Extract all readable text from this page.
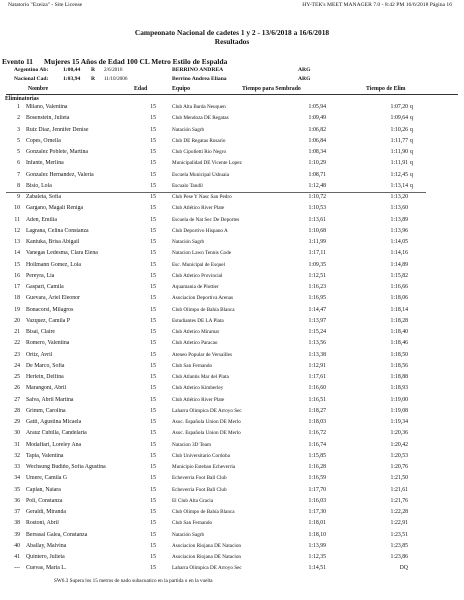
Natatorio "Ezeiza" - Site License	HY-TEK's MEET MANAGER 7.0 - 8:42 PM 16/6/2018 Página 16
Campeonato Nacional de cadetes 1 y 2 - 13/6/2018 a 16/6/2018
Resultados
Evento 11 Mujeres 15 Años de Edad 100 CL Metro Estilo de Espalda
Argentino Ab:	1:00,44 R 2/6/2016	BERRINO ANDREA	ARG
Nacional Cad:	1:03,94 R 11/10/2006	Berrino Andrea Eliana	ARG
Nombre	Edad	Equipo	Tiempo para Sembrado	Tiempo de Elim
Eliminatorias
1 Milano, Valentina	15	Club Alta Barda Neuquen	1:05,94	1:07,20 q
2 Bosenstein, Julieta	15	Club Mendoza DE Regatas	1:09,49	1:09,64 q
3 Ruiz Diaz, Jennifer Denise	15	Natación Sagrb	1:06,82	1:10,26 q
5 Copes, Ornella	15	Club DE Regatas Rosario	1:06,84	1:11,77 q
5 Gonzalez Poblete, Martina	15	Club Cipolletti Rio Negro	1:08,34	1:11,90 q
6 Infante, Merlina	15	Municipalidad DE Vicente Lopez	1:10,29	1:11,91 q
7 Gonzalez Hernandez, Valeria	15	Escuela Municipal Ushuaia	1:08,71	1:12,45 q
8 Bisio, Lola	15	Escualo Tandil	1:12,48	1:13,14 q
9 Zabaleta, Sofia	15	Club Pese Y Nasc San Pedro	1:10,72	1:13,20
10 Gargano, Magali Reniga	15	Club Atlético River Plate	1:10,53	1:13,60
11 Aden, Emilia	15	Escuela de Nat Sec De Deportes	1:13,61	1:13,89
12 Lagrana, Celina Constanza	15	Club Deportivo Hispano A	1:10,68	1:13,96
13 Kaniuka, Brisa Abigail	15	Natación Sagrb	1:11,99	1:14,05
14 Vanegas Ledesma, Clara Elena	15	Natacion Lawn Tennis Code	1:17,11	1:14,16
15 Hollmann Gomez, Lola	15	Esc. Municipal de Esquel	1:09,35	1:14,89
16 Pereyra, Lia	15	Club Atletico Provincial	1:12,51	1:15,82
17 Gaspari, Camila	15	Aquamania de Plottier	1:16,23	1:16,66
18 Guevara, Ariel Eleonor	15	Asociacion Deportiva Arenas	1:16,95	1:18,06
19 Bonacorsi, Milagros	15	Club Olimpo de Bahía Blanca	1:14,47	1:18,14
20 Vazquez, Camila P	15	Estudiantes DE LA Plata	1:13,97	1:18,28
21 Bisai, Claire	15	Club Atletico Miramar	1:15,24	1:18,40
22 Romero, Valentina	15	Club Atletico Paracao	1:13,56	1:18,46
23 Ortiz, Avril	15	Ateneo Popular de Versailles	1:13,38	1:18,50
24 De Marco, Sofia	15	Club San Fernando	1:12,91	1:18,56
25 Herlein, Delfina	15	Club Atlantis Mar del Plata	1:17,61	1:18,88
26 Marangoni, Abril	15	Club Atletico Kimberley	1:16,60	1:18,93
27 Salva, Abril Martina	15	Club Atlético River Plate	1:16,51	1:19,00
28 Grimm, Carolina	15	Laharra Olimpica DE Arroyo Sec	1:18,27	1:19,08
29 Gatti, Agustina Micaela	15	Asoc. Española Union DE Merlo	1:18,03	1:19,34
30 Arauz Cubilla, Candelaria	15	Asoc. Española Union DE Merlo	1:16,72	1:20,36
31 Modaffari, Loreley Ana	15	Natacion 3D Team	1:16,74	1:20,42
32 Tapia, Valentina	15	Club Universitario Cordoba	1:15,85	1:20,53
33 Wechsung Budiño, Sofía Agustina	15	Municipio Esteban Echeverria	1:16,28	1:20,76
34 Umere, Camila G	15	Echeverria Foot Ball Club	1:16,59	1:21,50
35 Caplan, Naiara	15	Echeverria Foot Ball Club	1:17,70	1:21,61
36 Poli, Constanza	15	El Club Alta Gracia	1:16,03	1:21,76
37 Geraldi, Miranda	15	Club Olimpo de Bahía Blanca	1:17,30	1:22,28
38 Rostoni, Abril	15	Club San Fernando	1:18,01	1:22,91
39 Berrasal Galea, Constanza	15	Natación Sagrb	1:18,10	1:23,51
40 Aballay, Malvina	15	Asociacion Riojana DE Natacion	1:13,99	1:23,85
41 Quintero, Julieta	15	Asociacion Riojana DE Natacion	1:12,35	1:23,86
--- Cuevas, Maria L.	15	Laharra Olimpica DE Arroyo Sec	1:14,51	DQ
SW6.3 Supera los 15 metros de nado subacuatico en la partida o en la vuelta
